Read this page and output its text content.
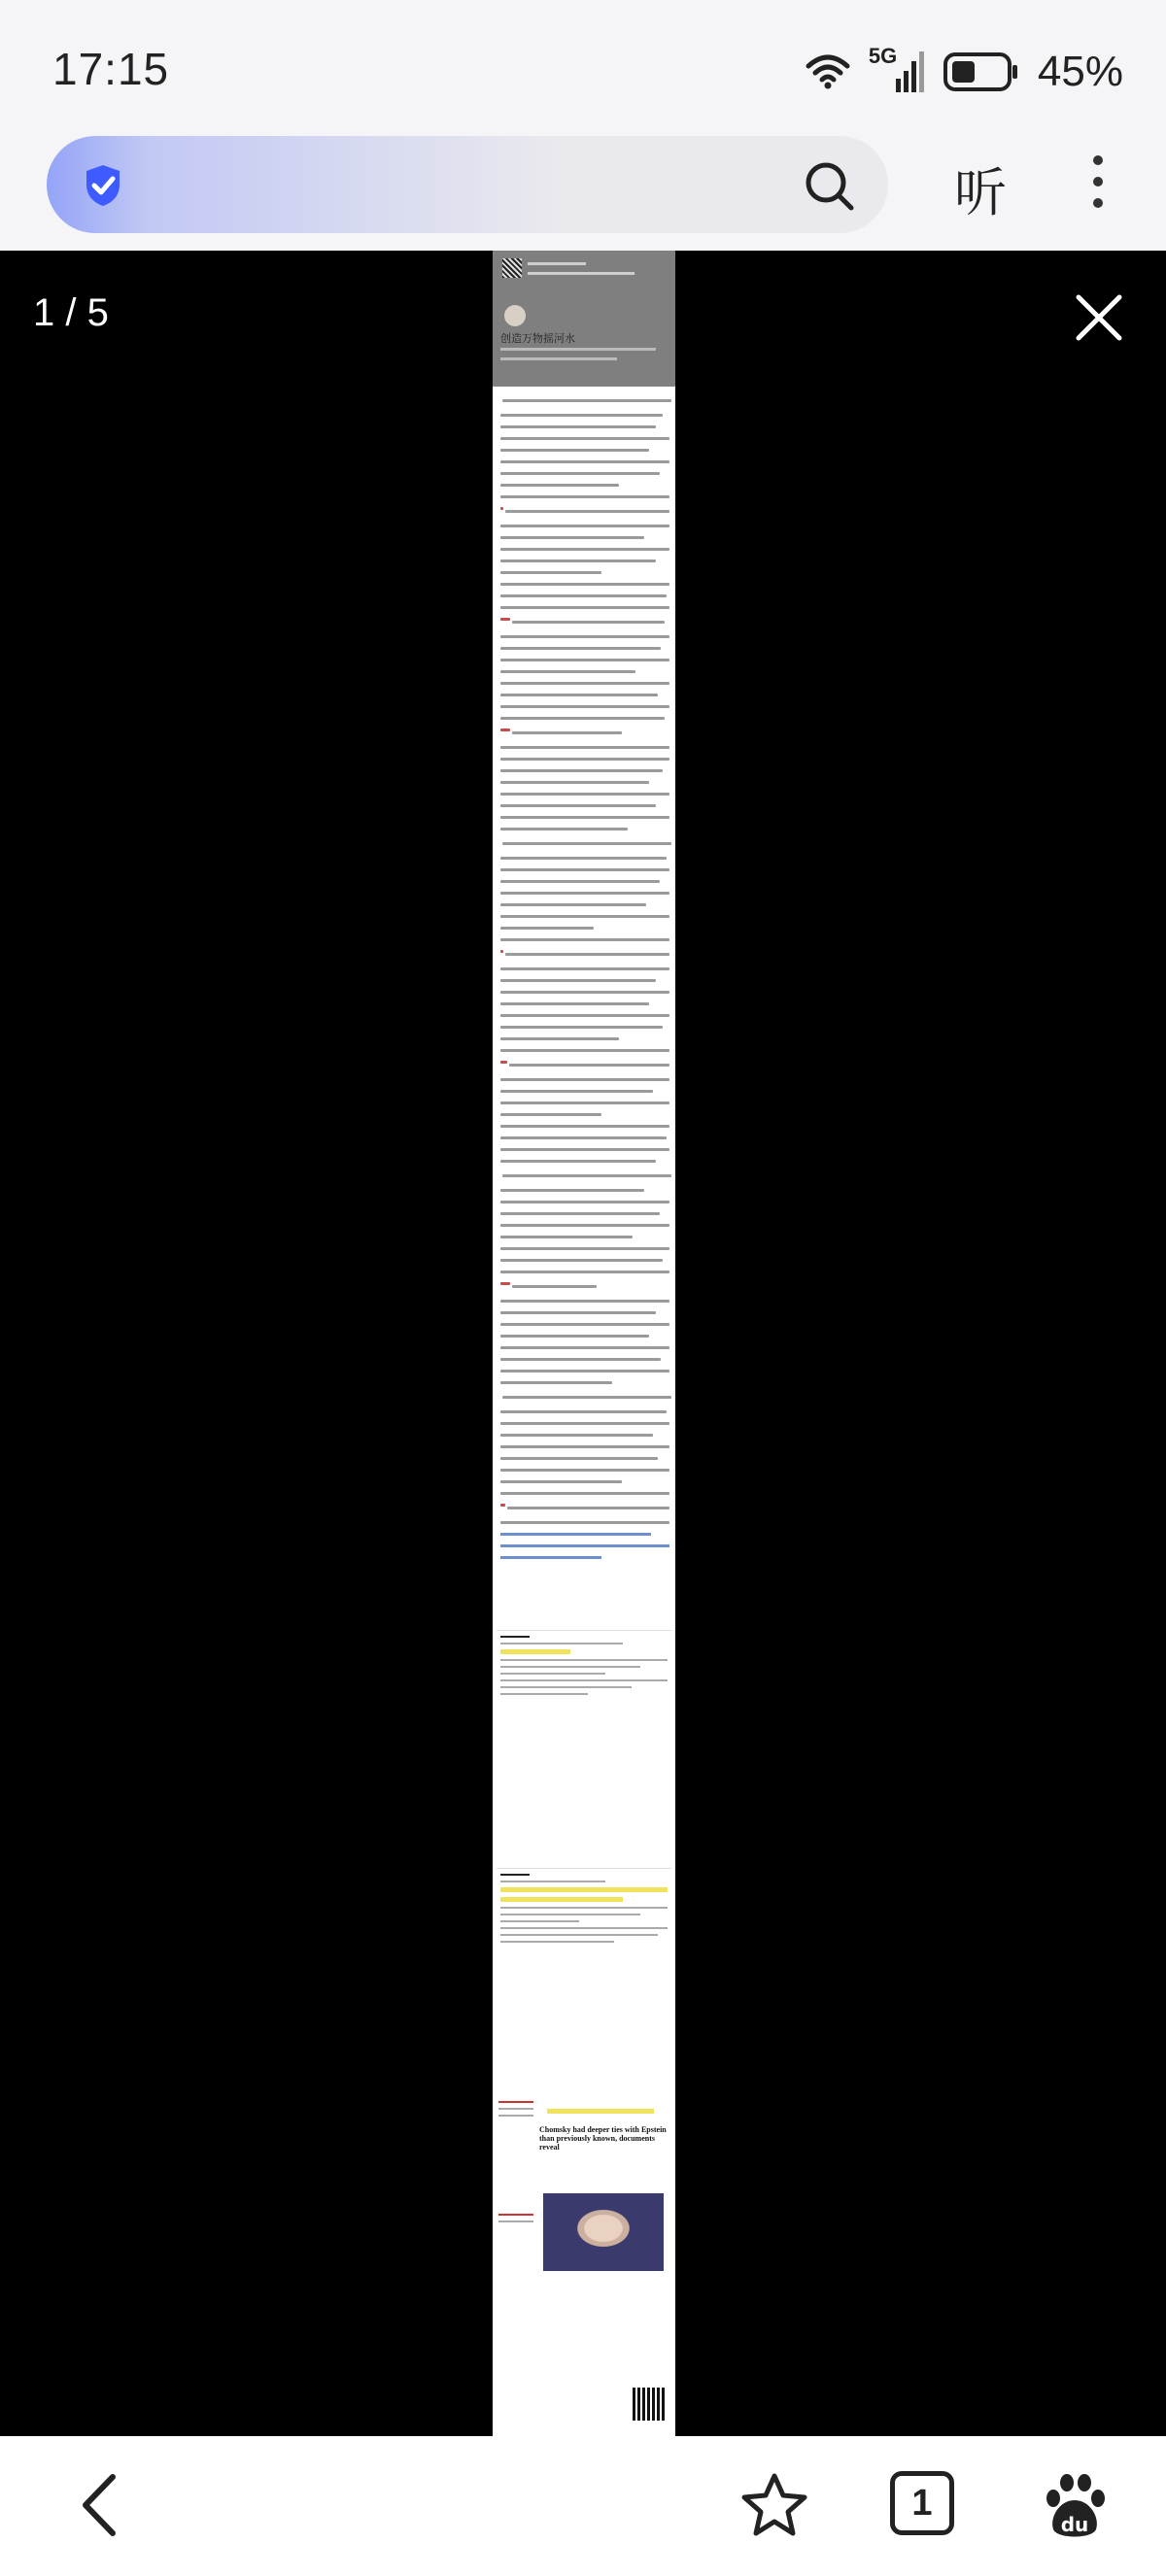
17:15	5G	45%
听
创造万物摇河水
Chomsky had deeper ties with Epstein than previously known, documents reveal
1 / 5
1
du
